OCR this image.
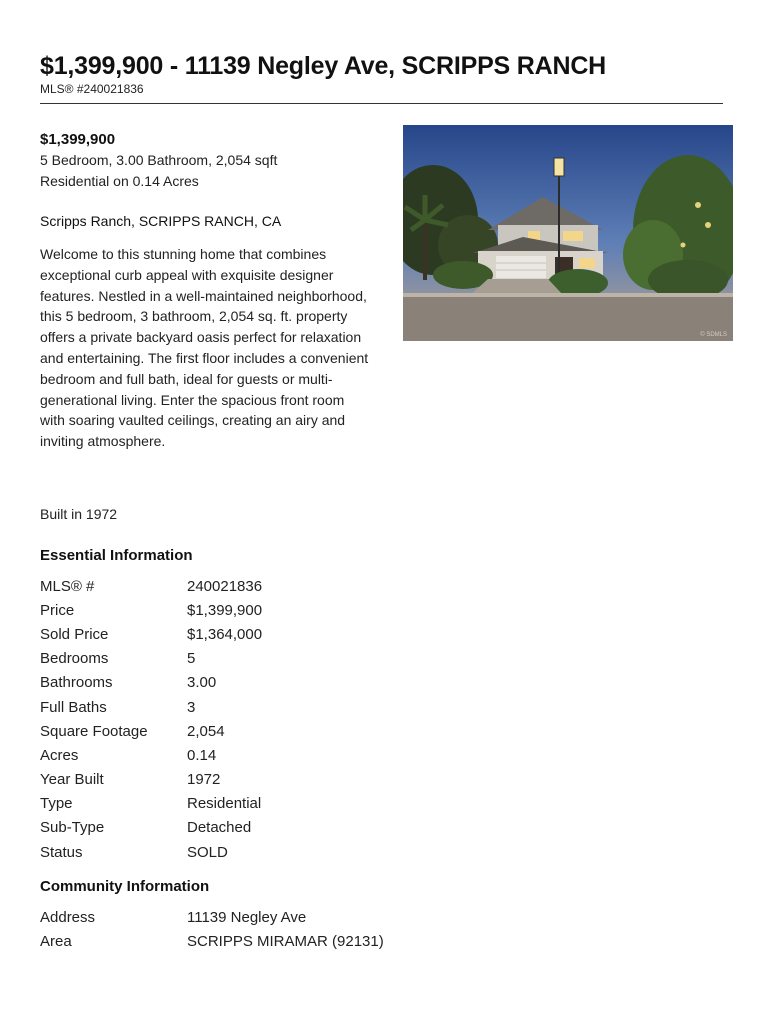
$1,399,900 - 11139 Negley Ave, SCRIPPS RANCH
MLS® #240021836
$1,399,900
5 Bedroom, 3.00 Bathroom, 2,054 sqft
Residential on 0.14 Acres
Scripps Ranch, SCRIPPS RANCH, CA
Welcome to this stunning home that combines exceptional curb appeal with exquisite designer features. Nestled in a well-maintained neighborhood, this 5 bedroom, 3 bathroom, 2,054 sq. ft. property offers a private backyard oasis perfect for relaxation and entertaining. The first floor includes a convenient bedroom and full bath, ideal for guests or multi-generational living. Enter the spacious front room with soaring vaulted ceilings, creating an airy and inviting atmosphere.
Built in 1972
© SDMLS
Essential Information
MLS® #	240021836
Price	$1,399,900
Sold Price	$1,364,000
Bedrooms	5
Bathrooms	3.00
Full Baths	3
Square Footage	2,054
Acres	0.14
Year Built	1972
Type	Residential
Sub-Type	Detached
Status	SOLD
Community Information
Address	11139 Negley Ave
Area	SCRIPPS MIRAMAR (92131)
